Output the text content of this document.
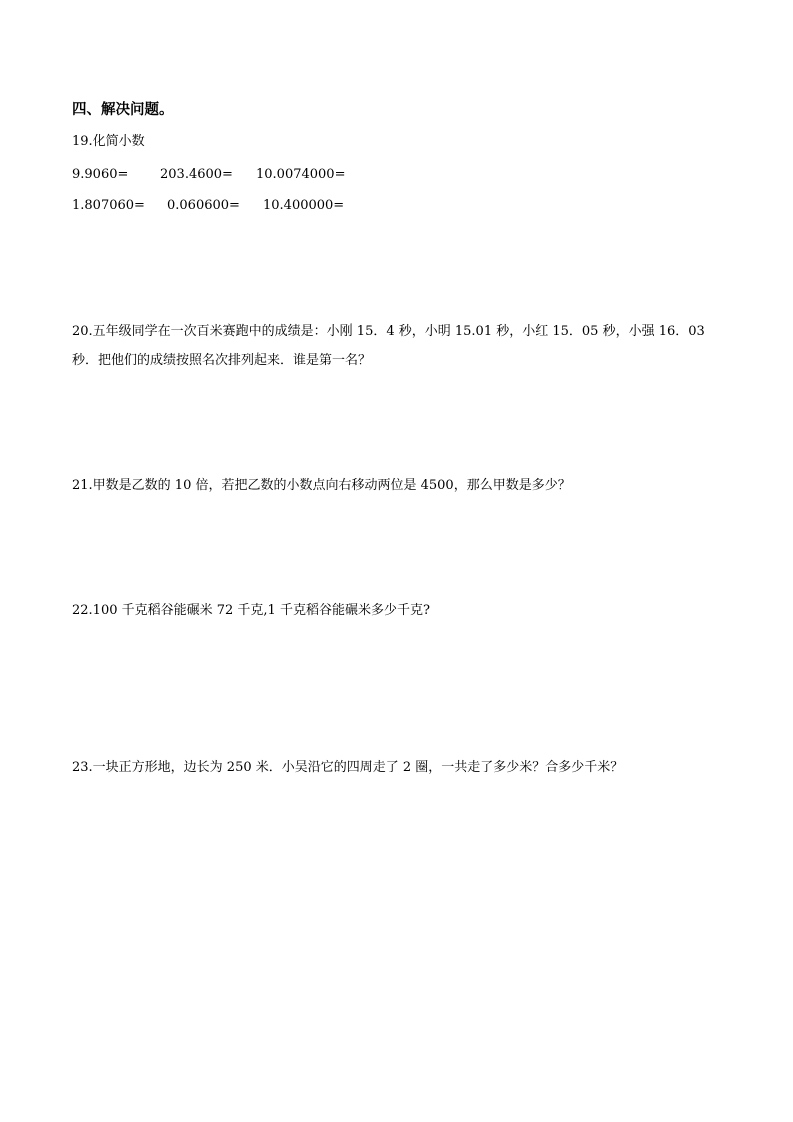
四、解决问题。
19.化简小数
9.9060= 203.4600= 10.0074000=
1.807060= 0.060600= 10.400000=
20.五年级同学在一次百米赛跑中的成绩是：小刚 15．4 秒，小明 15.01 秒，小红 15．05 秒，小强 16．03 秒．把他们的成绩按照名次排列起来．谁是第一名？
21.甲数是乙数的 10 倍，若把乙数的小数点向右移动两位是 4500，那么甲数是多少？
22.100 千克稻谷能碾米 72 千克,1 千克稻谷能碾米多少千克?
23.一块正方形地，边长为 250 米．小吴沿它的四周走了 2 圈，一共走了多少米？合多少千米？
